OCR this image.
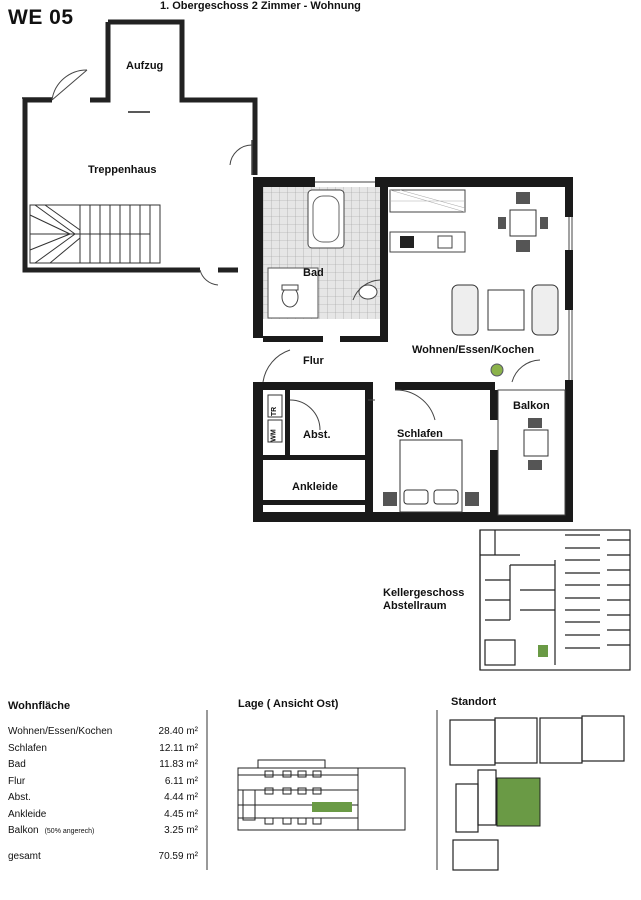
WE 05	1. Obergeschoss 2 Zimmer - Wohnung
Aufzug
Treppenhaus
Bad
Wohnen/Essen/Kochen
Flur
Abst.
WM
TR
Schlafen
Ankleide
Balkon
Kellergeschoss
Abstellraum
Wohnfläche	Lage ( Ansicht Ost)	Standort
Wohnen/Essen/Kochen	28.40 m²
Schlafen	12.11 m²
Bad	11.83 m²
Flur	6.11 m²
Abst.	4.44 m²
Ankleide	4.45 m²
Balkon (50% angerech)	3.25 m²
gesamt	70.59 m²
